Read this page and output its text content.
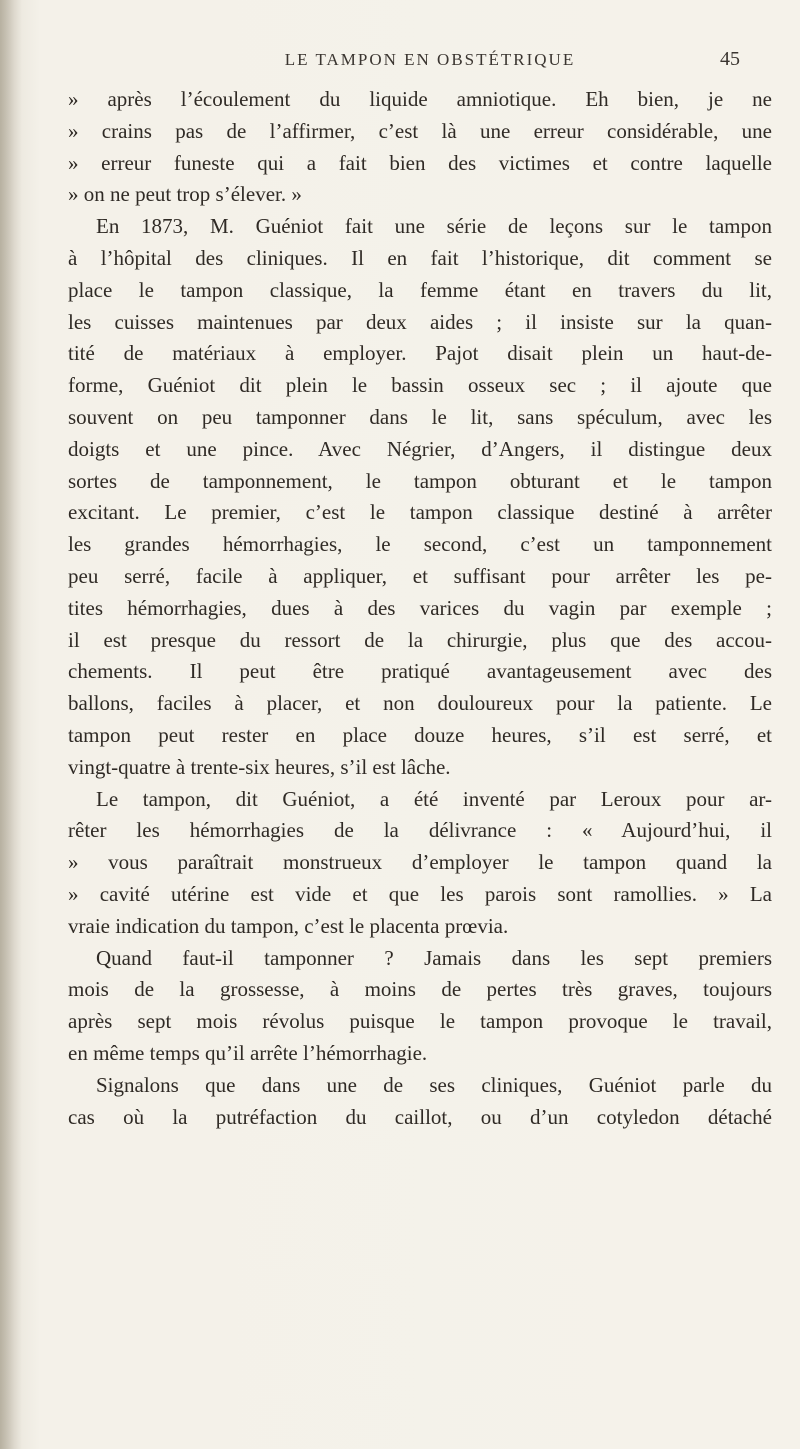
LE TAMPON EN OBSTÉTRIQUE	45
» après l’écoulement du liquide amniotique. Eh bien, je ne
» crains pas de l’affirmer, c’est là une erreur considérable, une
» erreur funeste qui a fait bien des victimes et contre laquelle
» on ne peut trop s’élever. »
En 1873, M. Guéniot fait une série de leçons sur le tampon
à l’hôpital des cliniques. Il en fait l’historique, dit comment se
place le tampon classique, la femme étant en travers du lit,
les cuisses maintenues par deux aides ; il insiste sur la quan-
tité de matériaux à employer. Pajot disait plein un haut-de-
forme, Guéniot dit plein le bassin osseux sec ; il ajoute que
souvent on peu tamponner dans le lit, sans spéculum, avec les
doigts et une pince. Avec Négrier, d’Angers, il distingue deux
sortes de tamponnement, le tampon obturant et le tampon
excitant. Le premier, c’est le tampon classique destiné à arrêter
les grandes hémorrhagies, le second, c’est un tamponnement
peu serré, facile à appliquer, et suffisant pour arrêter les pe-
tites hémorrhagies, dues à des varices du vagin par exemple ;
il est presque du ressort de la chirurgie, plus que des accou-
chements. Il peut être pratiqué avantageusement avec des
ballons, faciles à placer, et non douloureux pour la patiente. Le
tampon peut rester en place douze heures, s’il est serré, et
vingt-quatre à trente-six heures, s’il est lâche.
Le tampon, dit Guéniot, a été inventé par Leroux pour ar-
rêter les hémorrhagies de la délivrance : « Aujourd’hui, il
» vous paraîtrait monstrueux d’employer le tampon quand la
» cavité utérine est vide et que les parois sont ramollies. » La
vraie indication du tampon, c’est le placenta prœvia.
Quand faut-il tamponner ? Jamais dans les sept premiers
mois de la grossesse, à moins de pertes très graves, toujours
après sept mois révolus puisque le tampon provoque le travail,
en même temps qu’il arrête l’hémorrhagie.
Signalons que dans une de ses cliniques, Guéniot parle du
cas où la putréfaction du caillot, ou d’un cotyledon détaché
